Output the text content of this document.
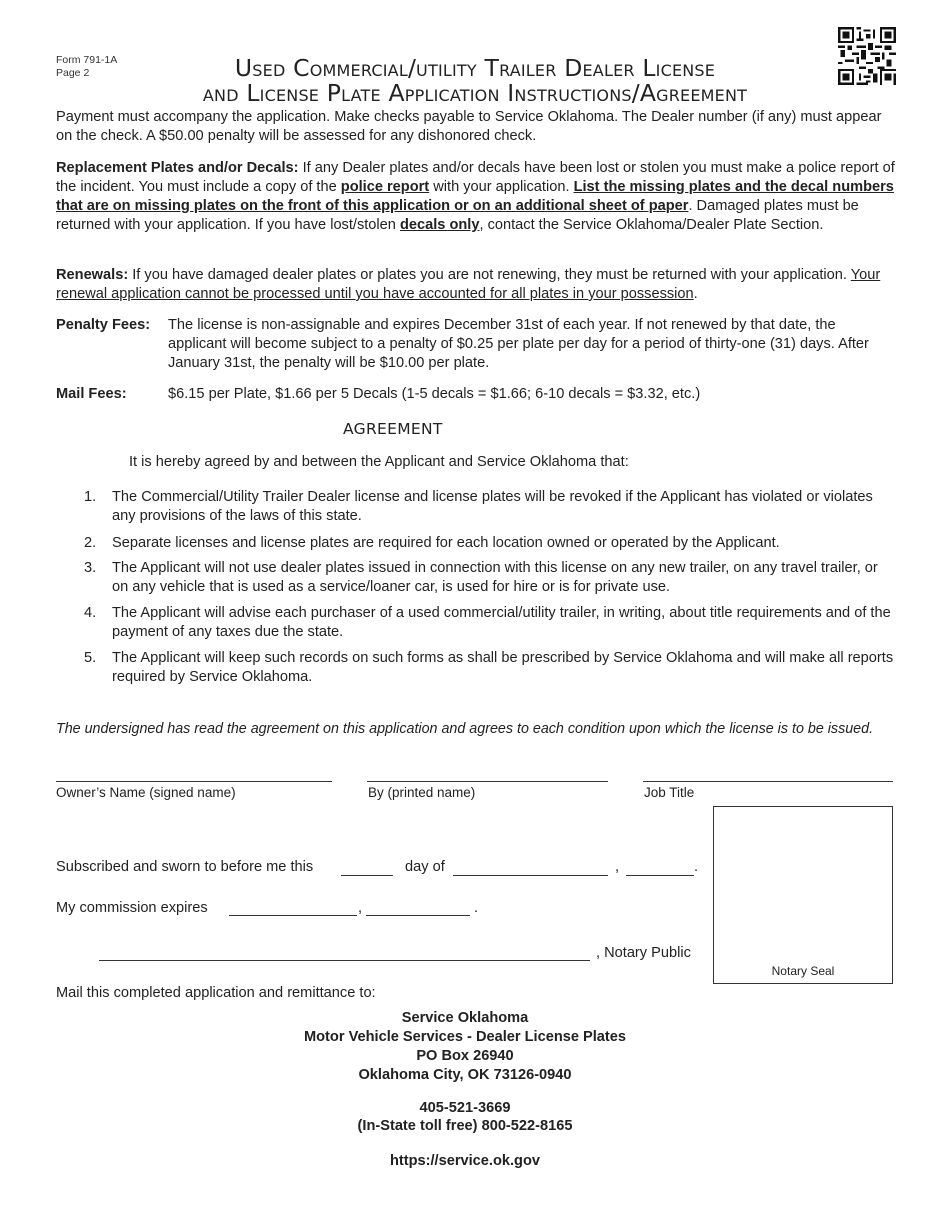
Form 791-1A
Page 2	Used Commercial/utility Trailer Dealer License
and License Plate Application Instructions/Agreement
Payment must accompany the application. Make checks payable to Service Oklahoma. The Dealer number (if any) must appear on the check. A $50.00 penalty will be assessed for any dishonored check.
Replacement Plates and/or Decals: If any Dealer plates and/or decals have been lost or stolen you must make a police report of the incident. You must include a copy of the police report with your application. List the missing plates and the decal numbers that are on missing plates on the front of this application or on an additional sheet of paper. Damaged plates must be returned with your application. If you have lost/stolen decals only, contact the Service Oklahoma/Dealer Plate Section.
Renewals: If you have damaged dealer plates or plates you are not renewing, they must be returned with your application. Your renewal application cannot be processed until you have accounted for all plates in your possession.
Penalty Fees: The license is non-assignable and expires December 31st of each year. If not renewed by that date, the applicant will become subject to a penalty of $0.25 per plate per day for a period of thirty-one (31) days. After January 31st, the penalty will be $10.00 per plate.
Mail Fees:	$6.15 per Plate, $1.66 per 5 Decals (1-5 decals = $1.66; 6-10 decals = $3.32, etc.)
AGREEMENT
It is hereby agreed by and between the Applicant and Service Oklahoma that:
1. The Commercial/Utility Trailer Dealer license and license plates will be revoked if the Applicant has violated or violates any provisions of the laws of this state.
2. Separate licenses and license plates are required for each location owned or operated by the Applicant.
3. The Applicant will not use dealer plates issued in connection with this license on any new trailer, on any travel trailer, or on any vehicle that is used as a service/loaner car, is used for hire or is for private use.
4. The Applicant will advise each purchaser of a used commercial/utility trailer, in writing, about title requirements and of the payment of any taxes due the state.
5. The Applicant will keep such records on such forms as shall be prescribed by Service Oklahoma and will make all reports required by Service Oklahoma.
The undersigned has read the agreement on this application and agrees to each condition upon which the license is to be issued.
Owner’s Name (signed name)	By (printed name)	Job Title
Notary Seal
Subscribed and sworn to before me this	day of	,	.
My commission expires	,	.
, Notary Public
Mail this completed application and remittance to:
Service Oklahoma
Motor Vehicle Services - Dealer License Plates
PO Box 26940
Oklahoma City, OK 73126-0940
405-521-3669
(In-State toll free) 800-522-8165
https://service.ok.gov
